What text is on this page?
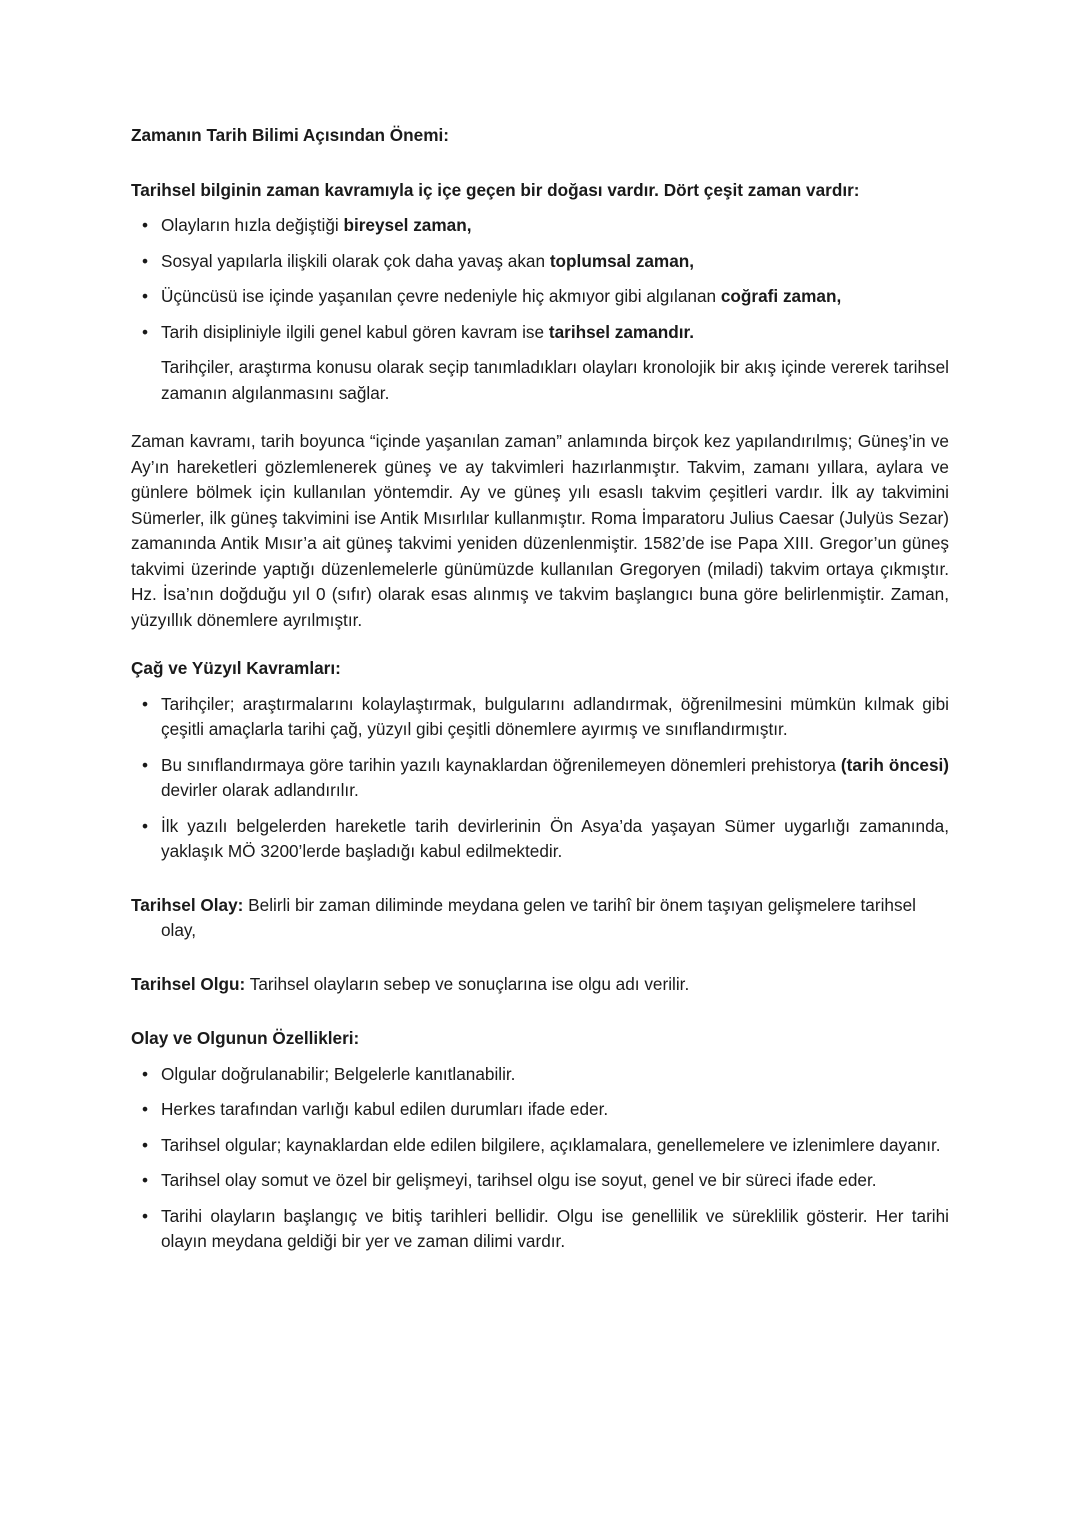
Zamanın Tarih Bilimi Açısından Önemi:

Tarihsel bilginin zaman kavramıyla iç içe geçen bir doğası vardır. Dört çeşit zaman vardır:

• Olayların hızla değiştiği bireysel zaman,
• Sosyal yapılarla ilişkili olarak çok daha yavaş akan toplumsal zaman,
• Üçüncüsü ise içinde yaşanılan çevre nedeniyle hiç akmıyor gibi algılanan coğrafi zaman,
• Tarih disipliniyle ilgili genel kabul gören kavram ise tarihsel zamandır.

Tarihçiler, araştırma konusu olarak seçip tanımladıkları olayları kronolojik bir akış içinde vererek tarihsel zamanın algılanmasını sağlar.

Zaman kavramı, tarih boyunca “içinde yaşanılan zaman” anlamında birçok kez yapılandırılmış; Güneş’in ve Ay’ın hareketleri gözlemlenerek güneş ve ay takvimleri hazırlanmıştır. Takvim, zamanı yıllara, aylara ve günlere bölmek için kullanılan yöntemdir. Ay ve güneş yılı esaslı takvim çeşitleri vardır. İlk ay takvimini Sümerler, ilk güneş takvimini ise Antik Mısırlılar kullanmıştır. Roma İmparatoru Julius Caesar (Julyüs Sezar) zamanında Antik Mısır’a ait güneş takvimi yeniden düzenlenmiştir. 1582’de ise Papa XIII. Gregor’un güneş takvimi üzerinde yaptığı düzenlemelerle günümüzde kullanılan Gregoryen (miladi) takvim ortaya çıkmıştır. Hz. İsa’nın doğduğu yıl 0 (sıfır) olarak esas alınmış ve takvim başlangıcı buna göre belirlenmiştir. Zaman, yüzyıllık dönemlere ayrılmıştır.

Çağ ve Yüzyıl Kavramları:

• Tarihçiler; araştırmalarını kolaylaştırmak, bulgularını adlandırmak, öğrenilmesini mümkün kılmak gibi çeşitli amaçlarla tarihi çağ, yüzyıl gibi çeşitli dönemlere ayırmış ve sınıflandırmıştır.
• Bu sınıflandırmaya göre tarihin yazılı kaynaklardan öğrenilemeyen dönemleri prehistorya (tarih öncesi) devirler olarak adlandırılır.
• İlk yazılı belgelerden hareketle tarih devirlerinin Ön Asya’da yaşayan Sümer uygarlığı zamanında, yaklaşık MÖ 3200’lerde başladığı kabul edilmektedir.

Tarihsel Olay: Belirli bir zaman diliminde meydana gelen ve tarihî bir önem taşıyan gelişmelere tarihsel olay,

Tarihsel Olgu: Tarihsel olayların sebep ve sonuçlarına ise olgu adı verilir.

Olay ve Olgunun Özellikleri:

• Olgular doğrulanabilir; Belgelerle kanıtlanabilir.
• Herkes tarafından varlığı kabul edilen durumları ifade eder.
• Tarihsel olgular; kaynaklardan elde edilen bilgilere, açıklamalara, genellemelere ve izlenimlere dayanır.
• Tarihsel olay somut ve özel bir gelişmeyi, tarihsel olgu ise soyut, genel ve bir süreci ifade eder.
• Tarihi olayların başlangıç ve bitiş tarihleri bellidir. Olgu ise genellilik ve süreklilik gösterir. Her tarihi olayın meydana geldiği bir yer ve zaman dilimi vardır.
